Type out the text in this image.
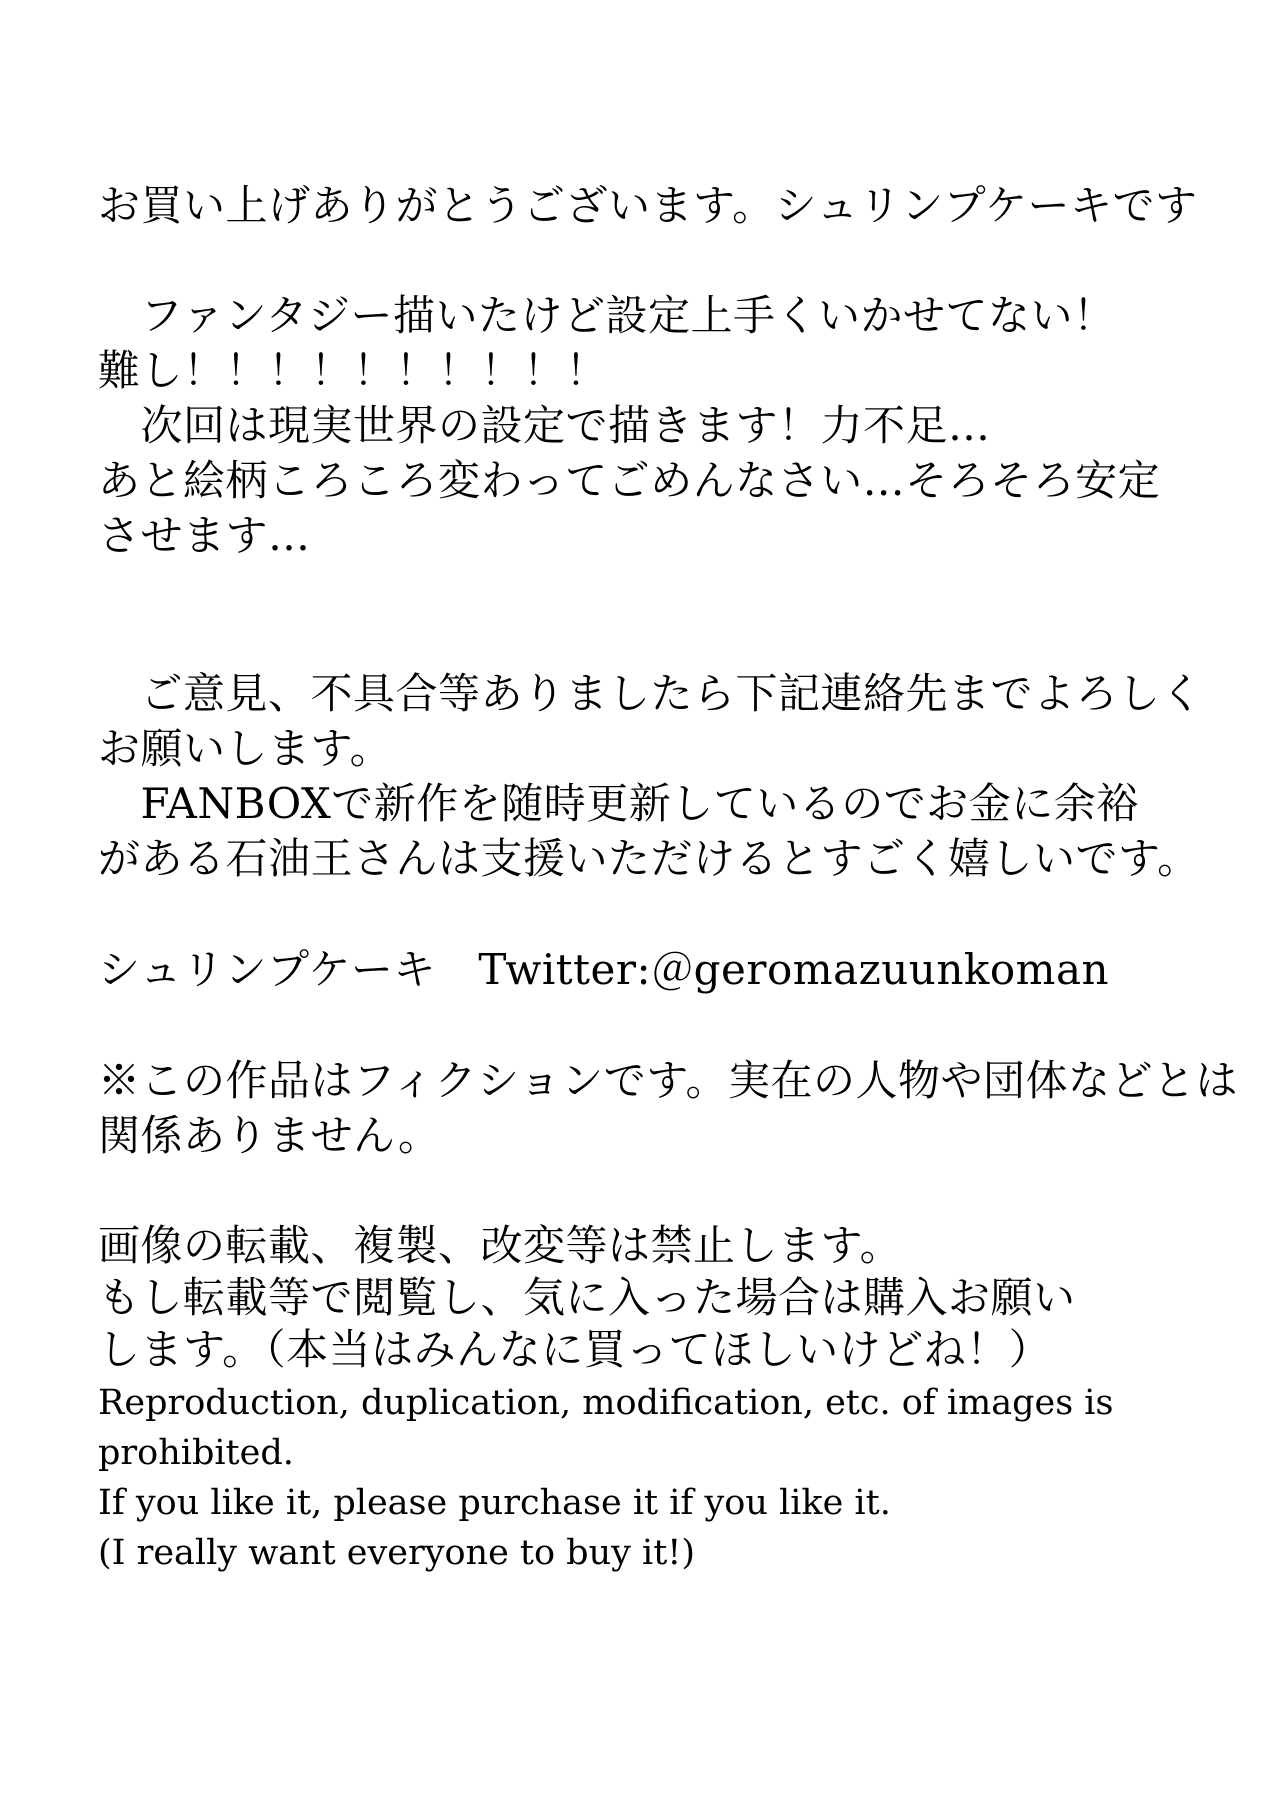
お買い上げありがとうございます。シュリンプケーキです
　ファンタジー描いたけど設定上手くいかせてない！
難し！！！！！！！！！！
　次回は現実世界の設定で描きます！力不足…
あと絵柄ころころ変わってごめんなさい…そろそろ安定
させます…
　ご意見、不具合等ありましたら下記連絡先までよろしく
お願いします。
　FANBOXで新作を随時更新しているのでお金に余裕
がある石油王さんは支援いただけるとすごく嬉しいです。
シュリンプケーキ　Twitter:＠geromazuunkoman
※この作品はフィクションです。実在の人物や団体などとは
関係ありません。
画像の転載、複製、改変等は禁止します。
もし転載等で閲覧し、気に入った場合は購入お願い
します。（本当はみんなに買ってほしいけどね！）
Reproduction, duplication, modification, etc. of images is
prohibited.
If you like it, please purchase it if you like it.
(I really want everyone to buy it!)
